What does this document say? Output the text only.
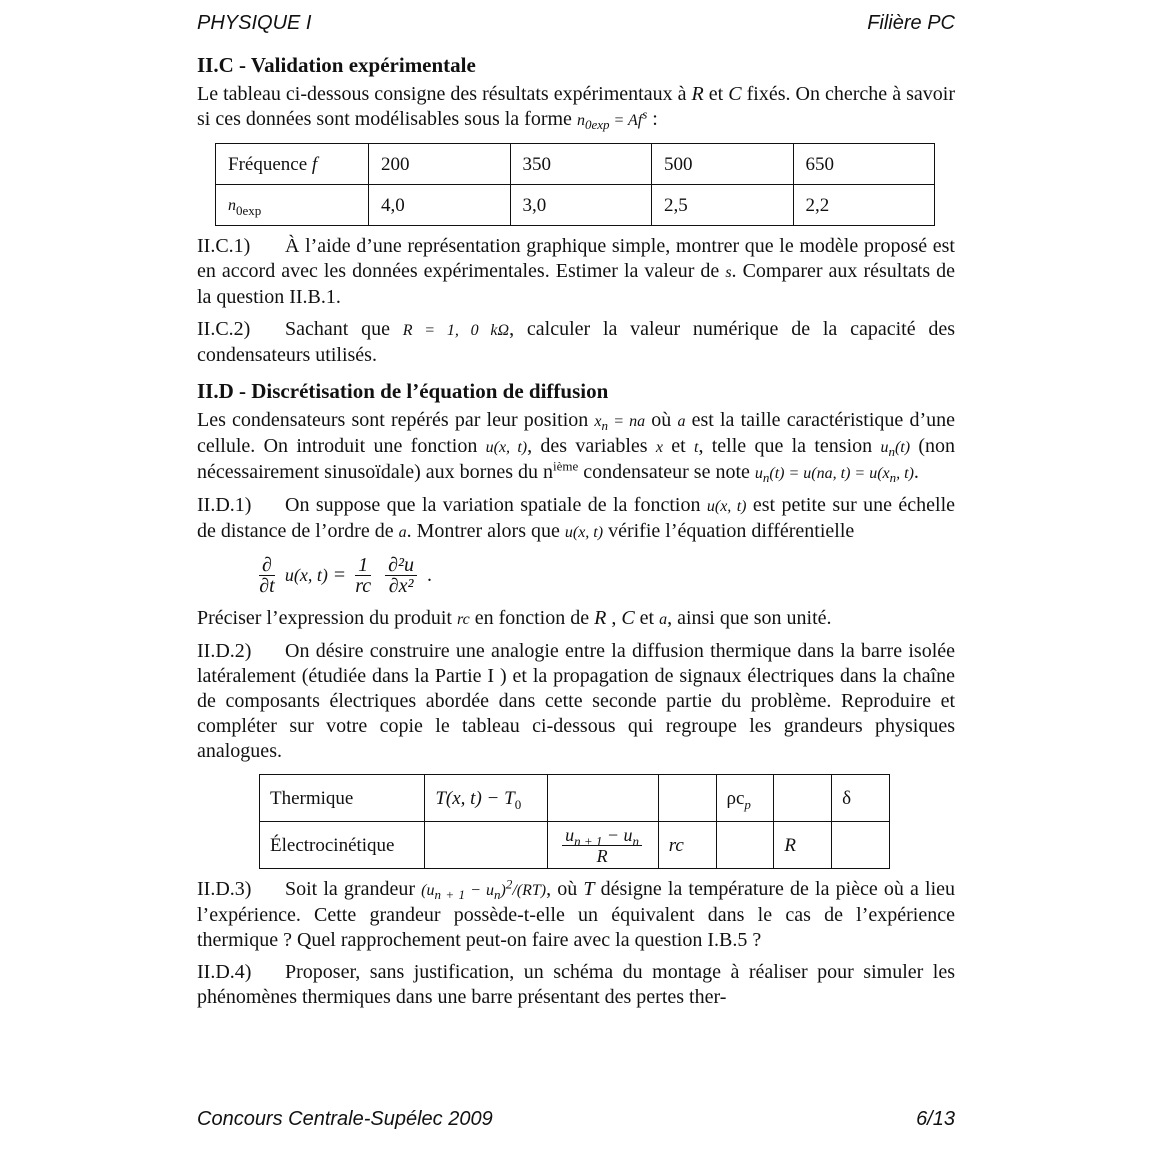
PHYSIQUE I	Filière PC

II.C - Validation expérimentale

Le tableau ci-dessous consigne des résultats expérimentaux à R et C fixés. On cherche à savoir si ces données sont modélisables sous la forme $n_{0exp} = Af^s$ :

Fréquence f	200	350	500	650
$n_{0exp}$	4,0	3,0	2,5	2,2

II.C.1) À l’aide d’une représentation graphique simple, montrer que le modèle proposé est en accord avec les données expérimentales. Estimer la valeur de s. Comparer aux résultats de la question II.B.1.

II.C.2) Sachant que R = 1, 0 kΩ, calculer la valeur numérique de la capacité des condensateurs utilisés.

II.D - Discrétisation de l’équation de diffusion

Les condensateurs sont repérés par leur position $x_n$ = na où a est la taille caractéristique d’une cellule. On introduit une fonction u(x, t), des variables x et t, telle que la tension $u_n(t)$ (non nécessairement sinusoïdale) aux bornes du $n^{ième}$ condensateur se note $u_n(t) = u(na$, $t) = u(x_n$, t).

II.D.1) On suppose que la variation spatiale de la fonction u(x, t) est petite sur une échelle de distance de l’ordre de a. Montrer alors que u(x, t) vérifie l’équation différentielle

$\frac{\partial}{\partial t} u(x$, $t) = \frac{1}{rc} \frac{\text{∂²u}}{\text{∂x²}}$ .

Préciser l’expression du produit rc en fonction de R , C et a, ainsi que son unité.

II.D.2) On désire construire une analogie entre la diffusion thermique dans la barre isolée latéralement (étudiée dans la Partie I ) et la propagation de signaux électriques dans la chaîne de composants électriques abordée dans cette seconde partie du problème. Reproduire et compléter sur votre copie le tableau ci-dessous qui regroupe les grandeurs physiques analogues.

Thermique	T(x, $t) - T_0$			$\rho c_p$		δ
Électrocinétique		$\frac{u_{n + 1} - u_n}{R}$	rc		R	

II.D.3) Soit la grandeur $(u_{n + 1} - u_n)^2/(RT)$, où T désigne la température de la pièce où a lieu l’expérience. Cette grandeur possède-t-elle un équivalent dans le cas de l’expérience thermique ? Quel rapprochement peut-on faire avec la question I.B.5 ?

II.D.4) Proposer, sans justification, un schéma du montage à réaliser pour simuler les phénomènes thermiques dans une barre présentant des pertes ther-

Concours Centrale-Supélec 2009	6/13
